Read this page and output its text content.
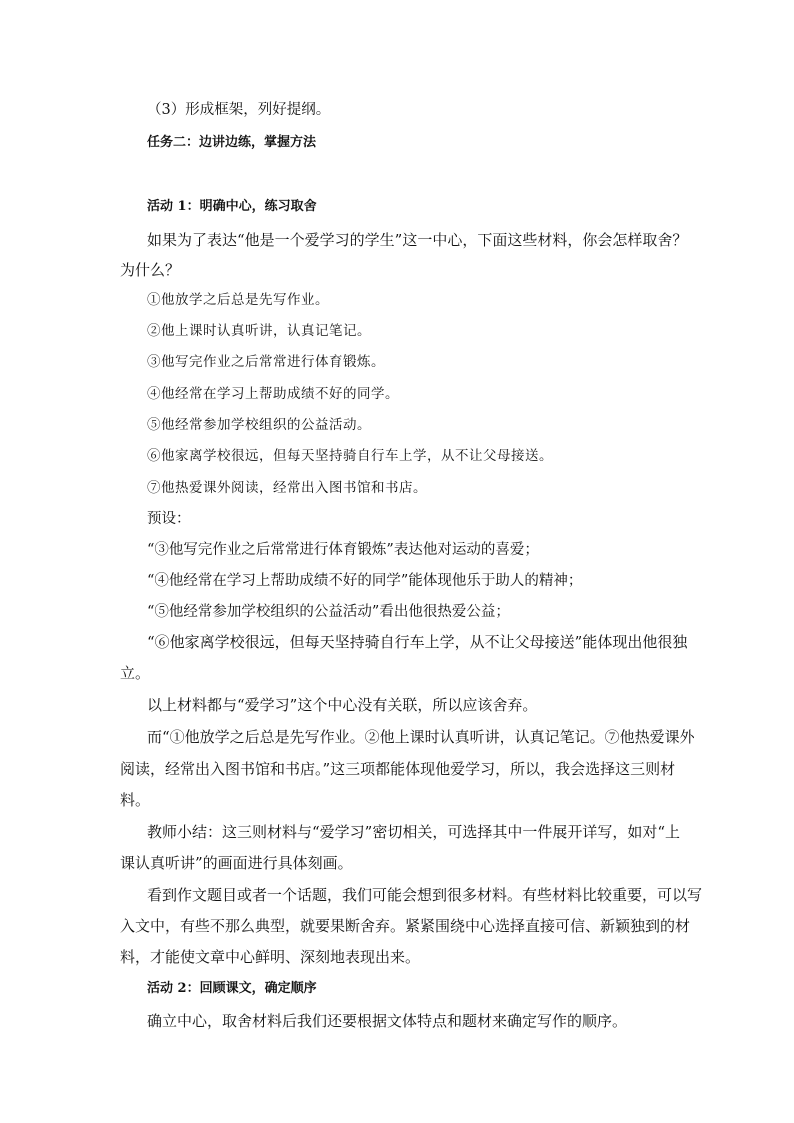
（3）形成框架，列好提纲。
任务二：边讲边练，掌握方法
活动 1：明确中心，练习取舍
如果为了表达“他是一个爱学习的学生”这一中心，下面这些材料，你会怎样取舍？
为什么？
①他放学之后总是先写作业。
②他上课时认真听讲，认真记笔记。
③他写完作业之后常常进行体育锻炼。
④他经常在学习上帮助成绩不好的同学。
⑤他经常参加学校组织的公益活动。
⑥他家离学校很远，但每天坚持骑自行车上学，从不让父母接送。
⑦他热爱课外阅读，经常出入图书馆和书店。
预设：
“③他写完作业之后常常进行体育锻炼”表达他对运动的喜爱；
“④他经常在学习上帮助成绩不好的同学”能体现他乐于助人的精神；
“⑤他经常参加学校组织的公益活动”看出他很热爱公益；
“⑥他家离学校很远，但每天坚持骑自行车上学，从不让父母接送”能体现出他很独
立。
以上材料都与“爱学习”这个中心没有关联，所以应该舍弃。
而“①他放学之后总是先写作业。②他上课时认真听讲，认真记笔记。⑦他热爱课外
阅读，经常出入图书馆和书店。”这三项都能体现他爱学习，所以，我会选择这三则材
料。
教师小结：这三则材料与“爱学习”密切相关，可选择其中一件展开详写，如对“上
课认真听讲”的画面进行具体刻画。
看到作文题目或者一个话题，我们可能会想到很多材料。有些材料比较重要，可以写
入文中，有些不那么典型，就要果断舍弃。紧紧围绕中心选择直接可信、新颖独到的材
料，才能使文章中心鲜明、深刻地表现出来。
活动 2：回顾课文，确定顺序
确立中心，取舍材料后我们还要根据文体特点和题材来确定写作的顺序。
